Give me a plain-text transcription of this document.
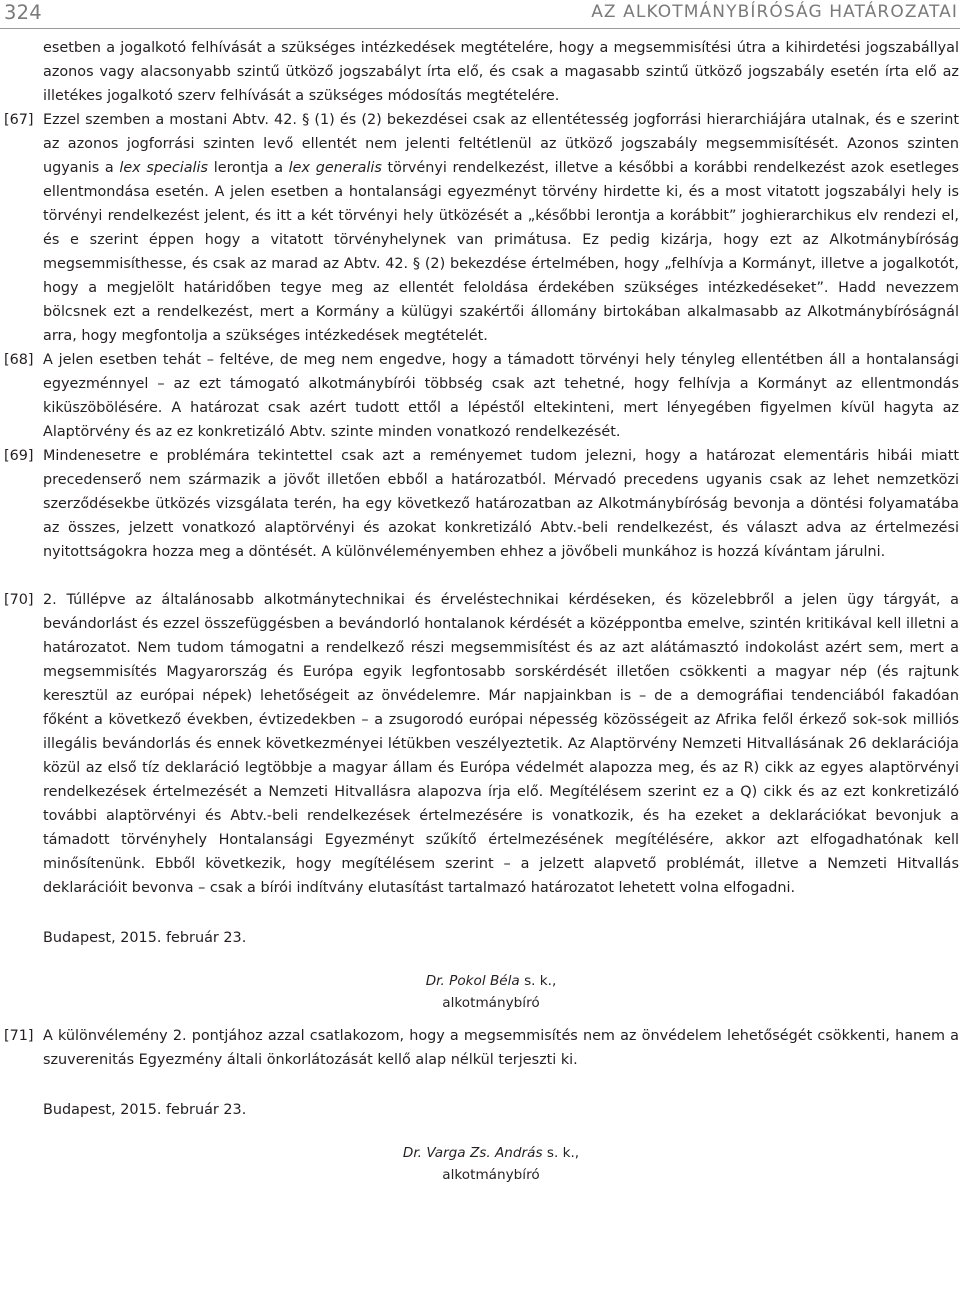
324	AZ ALKOTMÁNYBÍRÓSÁG HATÁROZATAI
esetben a jogalkotó felhívását a szükséges intézkedések megtételére, hogy a megsemmisítési útra a kihirdetési jogszabállyal azonos vagy alacsonyabb szintű ütköző jogszabályt írta elő, és csak a magasabb szintű ütköző jogszabály esetén írta elő az illetékes jogalkotó szerv felhívását a szükséges módosítás megtételére.
[67] Ezzel szemben a mostani Abtv. 42. § (1) és (2) bekezdései csak az ellentétesség jogforrási hierarchiájára utalnak, és e szerint az azonos jogforrási szinten levő ellentét nem jelenti feltétlenül az ütköző jogszabály megsemmisítését. Azonos szinten ugyanis a lex specialis lerontja a lex generalis törvényi rendelkezést, illetve a későbbi a korábbi rendelkezést azok esetleges ellentmondása esetén. A jelen esetben a hontalansági egyezményt törvény hirdette ki, és a most vitatott jogszabályi hely is törvényi rendelkezést jelent, és itt a két törvényi hely ütközését a „későbbi lerontja a korábbit” joghierarchikus elv rendezi el, és e szerint éppen hogy a vitatott törvényhelynek van primátusa. Ez pedig kizárja, hogy ezt az Alkotmánybíróság megsemmisíthesse, és csak az marad az Abtv. 42. § (2) bekezdése értelmében, hogy „felhívja a Kormányt, illetve a jogalkotót, hogy a megjelölt határidőben tegye meg az ellentét feloldása érdekében szükséges intézkedéseket”. Hadd nevezzem bölcsnek ezt a rendelkezést, mert a Kormány a külügyi szakértői állomány birtokában alkalmasabb az Alkotmánybíróságnál arra, hogy megfontolja a szükséges intézkedések megtételét.
[68] A jelen esetben tehát – feltéve, de meg nem engedve, hogy a támadott törvényi hely tényleg ellentétben áll a hontalansági egyezménnyel – az ezt támogató alkotmánybírói többség csak azt tehetné, hogy felhívja a Kormányt az ellentmondás kiküszöbölésére. A határozat csak azért tudott ettől a lépéstől eltekinteni, mert lényegében figyelmen kívül hagyta az Alaptörvény és az ez konkretizáló Abtv. szinte minden vonatkozó rendelkezését.
[69] Mindenesetre e problémára tekintettel csak azt a reményemet tudom jelezni, hogy a határozat elementáris hibái miatt precedenserő nem származik a jövőt illetően ebből a határozatból. Mérvadó precedens ugyanis csak az lehet nemzetközi szerződésekbe ütközés vizsgálata terén, ha egy következő határozatban az Alkotmánybíróság bevonja a döntési folyamatába az összes, jelzett vonatkozó alaptörvényi és azokat konkretizáló Abtv.-beli rendelkezést, és választ adva az értelmezési nyitottságokra hozza meg a döntését. A különvéleményemben ehhez a jövőbeli munkához is hozzá kívántam járulni.
[70] 2. Túllépve az általánosabb alkotmánytechnikai és érveléstechnikai kérdéseken, és közelebbről a jelen ügy tárgyát, a bevándorlást és ezzel összefüggésben a bevándorló hontalanok kérdését a középpontba emelve, szintén kritikával kell illetni a határozatot. Nem tudom támogatni a rendelkező részi megsemmisítést és az azt alátámasztó indokolást azért sem, mert a megsemmisítés Magyarország és Európa egyik legfontosabb sorskérdését illetően csökkenti a magyar nép (és rajtunk keresztül az európai népek) lehetőségeit az önvédelemre. Már napjainkban is – de a demográfiai tendenciából fakadóan főként a következő években, évtizedekben – a zsugorodó európai népesség közösségeit az Afrika felől érkező sok-sok milliós illegális bevándorlás és ennek következményei létükben veszélyeztetik. Az Alaptörvény Nemzeti Hitvallásának 26 deklarációja közül az első tíz deklaráció legtöbbje a magyar állam és Európa védelmét alapozza meg, és az R) cikk az egyes alaptörvényi rendelkezések értelmezését a Nemzeti Hitvallásra alapozva írja elő. Megítélésem szerint ez a Q) cikk és az ezt konkretizáló további alaptörvényi és Abtv.-beli rendelkezések értelmezésére is vonatkozik, és ha ezeket a deklarációkat bevonjuk a támadott törvényhely Hontalansági Egyezményt szűkítő értelmezésének megítélésére, akkor azt elfogadhatónak kell minősítenünk. Ebből következik, hogy megítélésem szerint – a jelzett alapvető problémát, illetve a Nemzeti Hitvallás deklarációit bevonva – csak a bírói indítvány elutasítást tartalmazó határozatot lehetett volna elfogadni.
Budapest, 2015. február 23.
Dr. Pokol Béla s. k.,
alkotmánybíró
[71] A különvélemény 2. pontjához azzal csatlakozom, hogy a megsemmisítés nem az önvédelem lehetőségét csökkenti, hanem a szuverenitás Egyezmény általi önkorlátozását kellő alap nélkül terjeszti ki.
Budapest, 2015. február 23.
Dr. Varga Zs. András s. k.,
alkotmánybíró
